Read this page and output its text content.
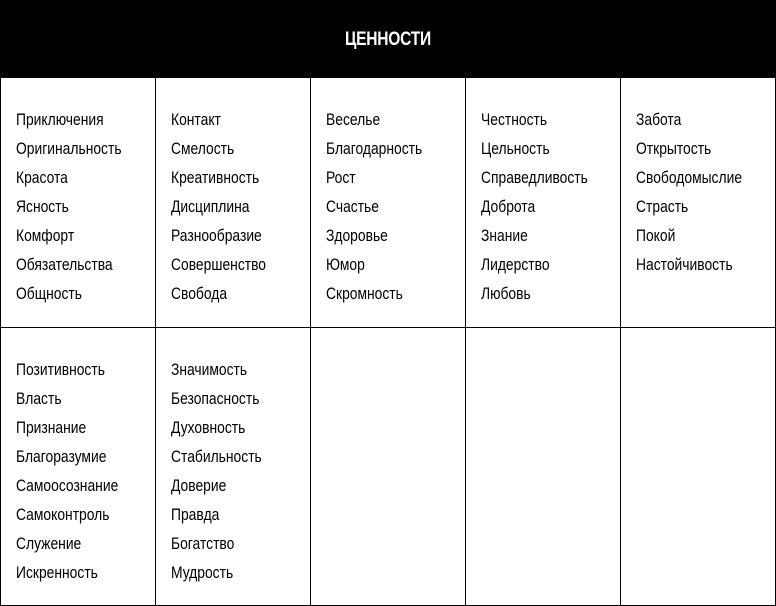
ЦЕННОСТИ
Приключения
Оригинальность
Красота
Ясность
Комфорт
Обязательства
Общность
Контакт
Смелость
Креативность
Дисциплина
Разнообразие
Совершенство
Свобода
Веселье
Благодарность
Рост
Счастье
Здоровье
Юмор
Скромность
Честность
Цельность
Справедливость
Доброта
Знание
Лидерство
Любовь
Забота
Открытость
Свободомыслие
Страсть
Покой
Настойчивость
Позитивность
Власть
Признание
Благоразумие
Самоосознание
Самоконтроль
Служение
Искренность
Значимость
Безопасность
Духовность
Стабильность
Доверие
Правда
Богатство
Мудрость
